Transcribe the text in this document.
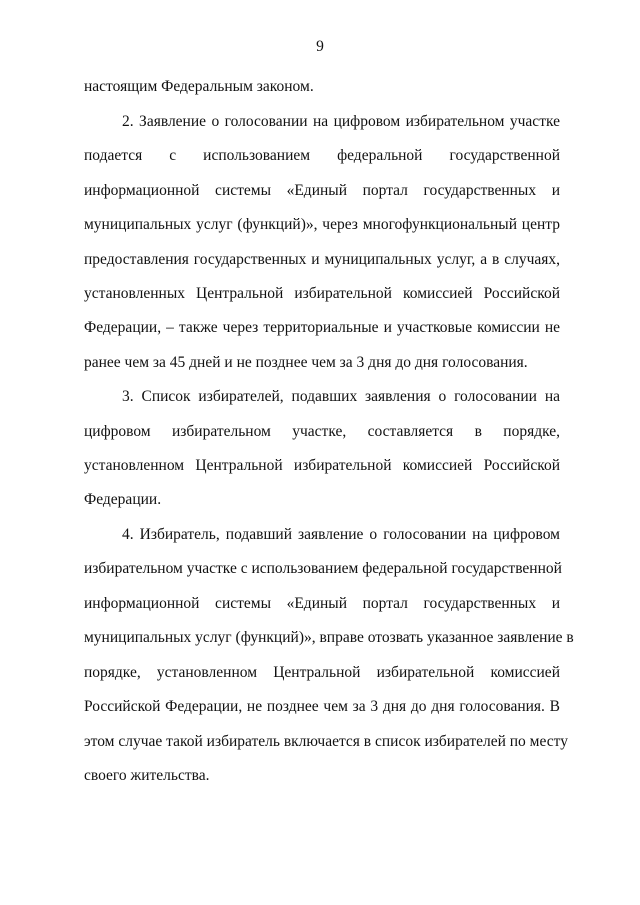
9
настоящим Федеральным законом.
2. Заявление о голосовании на цифровом избирательном участке
подается с использованием федеральной государственной
информационной системы «Единый портал государственных и
муниципальных услуг (функций)», через многофункциональный центр
предоставления государственных и муниципальных услуг, а в случаях,
установленных Центральной избирательной комиссией Российской
Федерации, – также через территориальные и участковые комиссии не
ранее чем за 45 дней и не позднее чем за 3 дня до дня голосования.
3. Список избирателей, подавших заявления о голосовании на
цифровом избирательном участке, составляется в порядке,
установленном Центральной избирательной комиссией Российской
Федерации.
4. Избиратель, подавший заявление о голосовании на цифровом
избирательном участке с использованием федеральной государственной
информационной системы «Единый портал государственных и
муниципальных услуг (функций)», вправе отозвать указанное заявление в
порядке, установленном Центральной избирательной комиссией
Российской Федерации, не позднее чем за 3 дня до дня голосования. В
этом случае такой избиратель включается в список избирателей по месту
своего жительства.
